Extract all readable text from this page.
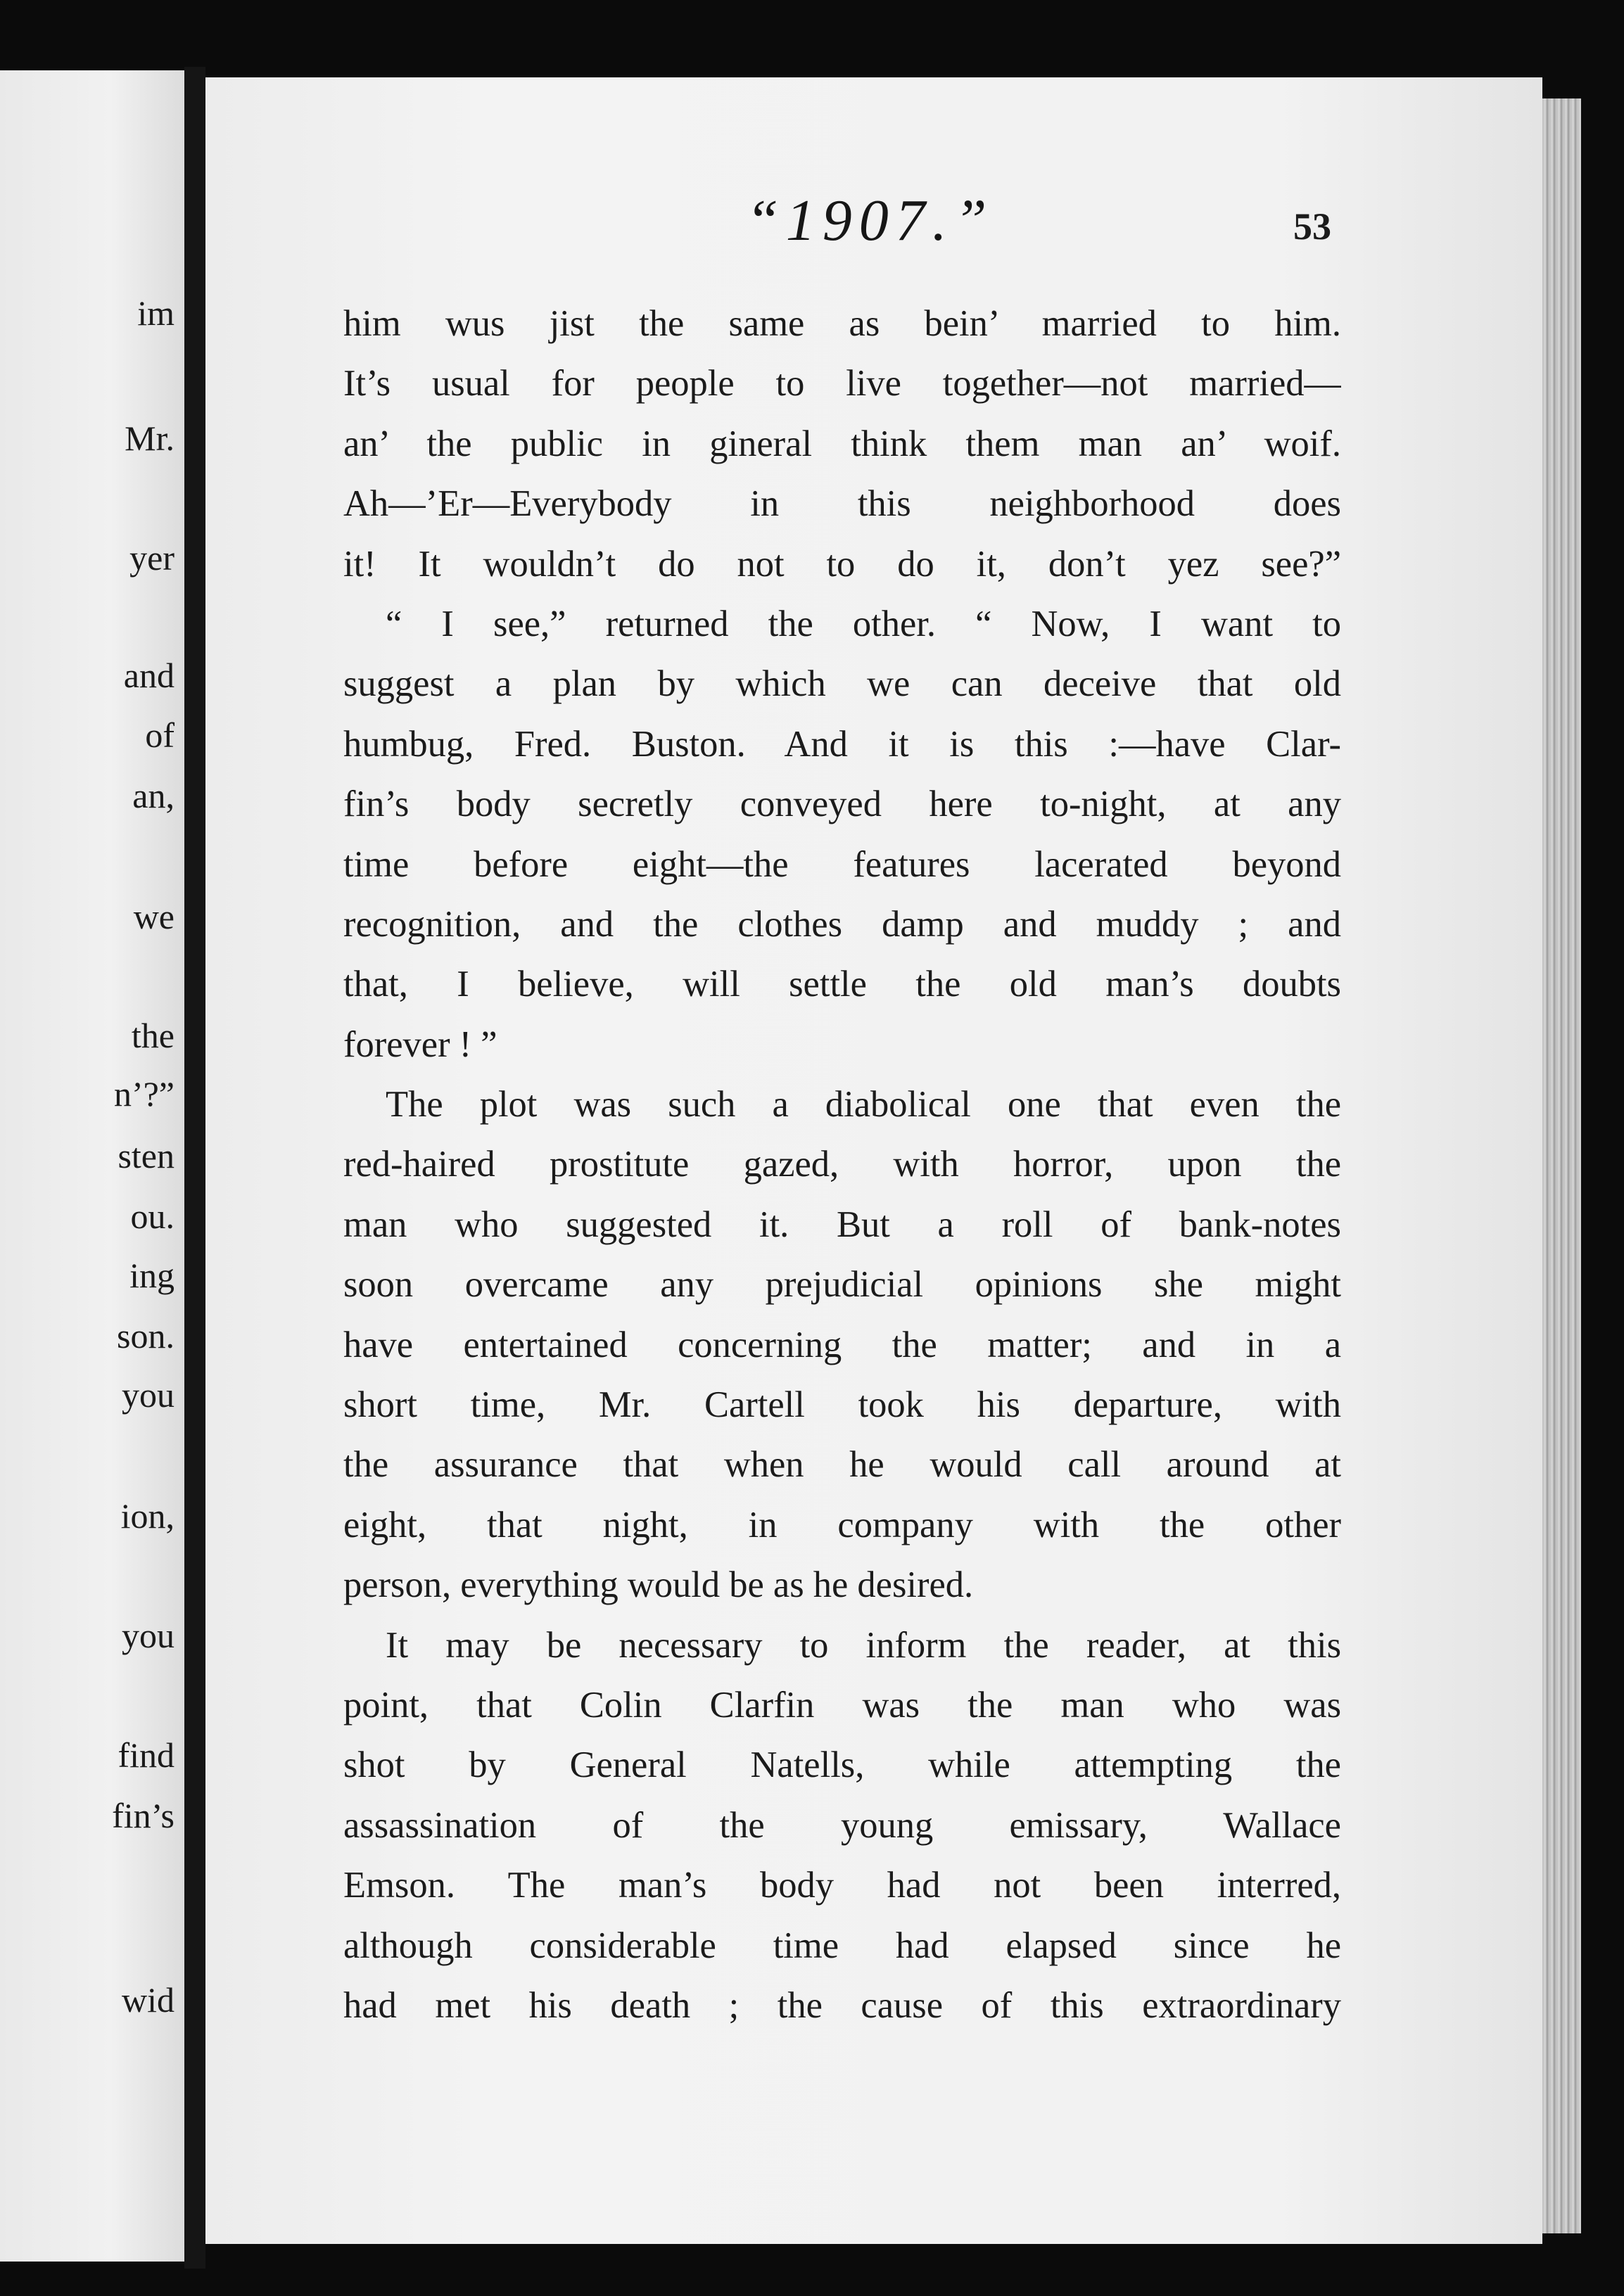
im
Mr.
yer
and
of
an,
we
the
n’?”
sten
ou.
ing
son.
you
ion,
you
find
fin’s
wid
“1907.”	53
him wus jist the same as bein’ married to him.
It’s usual for people to live together—not married—
an’ the public in gineral think them man an’ woif.
Ah—’Er—Everybody in this neighborhood does
it! It wouldn’t do not to do it, don’t yez see?”
“ I see,” returned the other. “ Now, I want to
suggest a plan by which we can deceive that old
humbug, Fred. Buston. And it is this :—have Clar-
fin’s body secretly conveyed here to-night, at any
time before eight—the features lacerated beyond
recognition, and the clothes damp and muddy ; and
that, I believe, will settle the old man’s doubts
forever ! ”
The plot was such a diabolical one that even the
red-haired prostitute gazed, with horror, upon the
man who suggested it. But a roll of bank-notes
soon overcame any prejudicial opinions she might
have entertained concerning the matter; and in a
short time, Mr. Cartell took his departure, with
the assurance that when he would call around at
eight, that night, in company with the other
person, everything would be as he desired.
It may be necessary to inform the reader, at this
point, that Colin Clarfin was the man who was
shot by General Natells, while attempting the
assassination of the young emissary, Wallace
Emson. The man’s body had not been interred,
although considerable time had elapsed since he
had met his death ; the cause of this extraordinary
